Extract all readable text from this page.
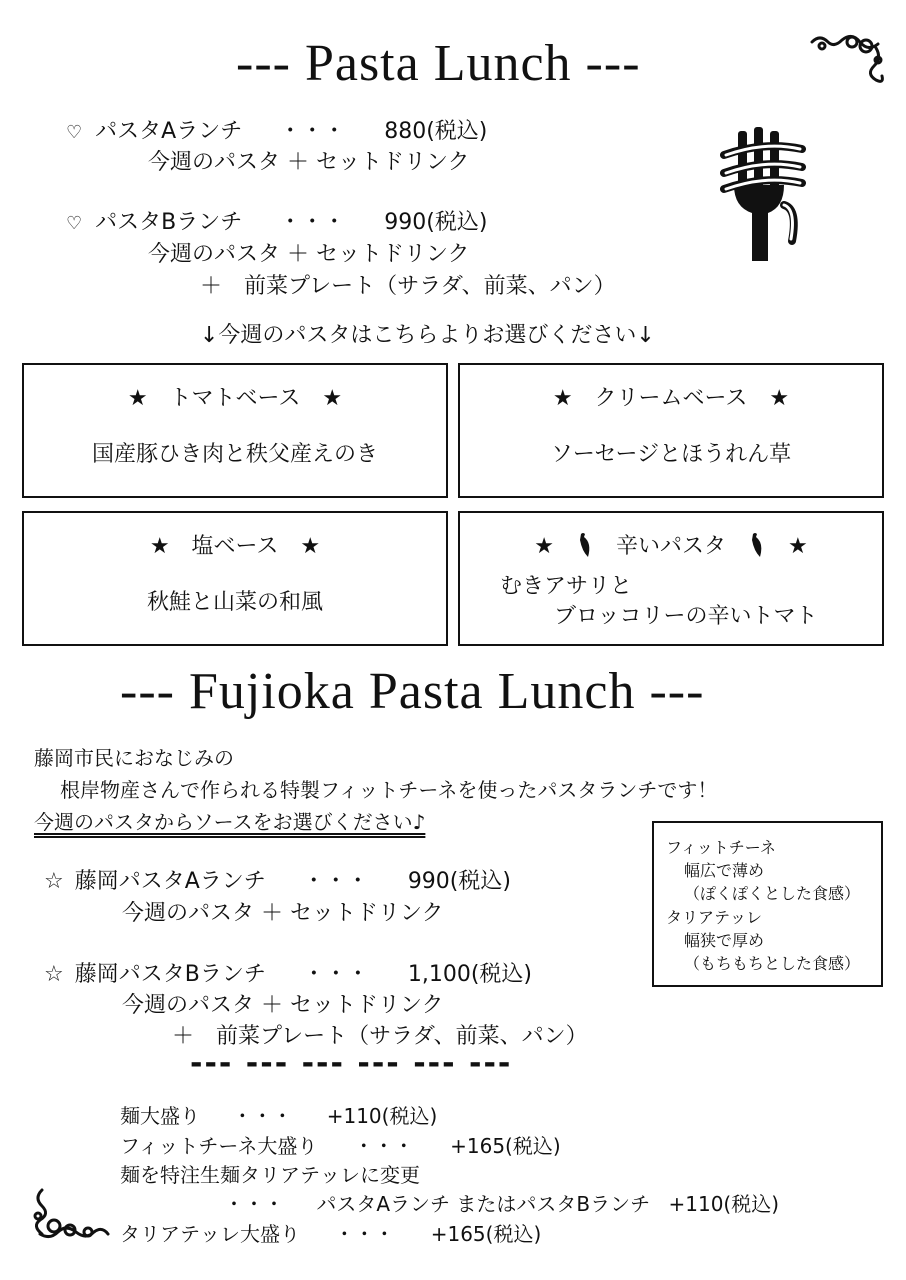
--- Pasta Lunch ---
♡ パスタAランチ ・・・ 880(税込)
今週のパスタ ＋ セットドリンク
♡ パスタBランチ ・・・ 990(税込)
今週のパスタ ＋ セットドリンク
＋　前菜プレート（サラダ、前菜、パン）
↓今週のパスタはこちらよりお選びください↓
★　トマトベース　★
国産豚ひき肉と秩父産えのき
★　クリームベース　★
ソーセージとほうれん草
★　塩ベース　★
秋鮭と山菜の和風
★	辛いパスタ	★
むきアサリと
ブロッコリーの辛いトマト
--- Fujioka Pasta Lunch ---
藤岡市民におなじみの
根岸物産さんで作られる特製フィットチーネを使ったパスタランチです！
今週のパスタからソースをお選びください♪
フィットチーネ
幅広で薄め
（ぽくぽくとした食感）
タリアテッレ
幅狭で厚め
（もちもちとした食感）
☆ 藤岡パスタAランチ ・・・ 990(税込)
今週のパスタ ＋ セットドリンク
☆ 藤岡パスタBランチ ・・・ 1,100(税込)
今週のパスタ ＋ セットドリンク
＋　前菜プレート（サラダ、前菜、パン）
--- --- --- --- --- ---
麺大盛り ・・・ +110(税込)
フィットチーネ大盛り ・・・ +165(税込)
麺を特注生麺タリアテッレに変更
・・・ パスタAランチ またはパスタBランチ +110(税込)
タリアテッレ大盛り ・・・ +165(税込)
